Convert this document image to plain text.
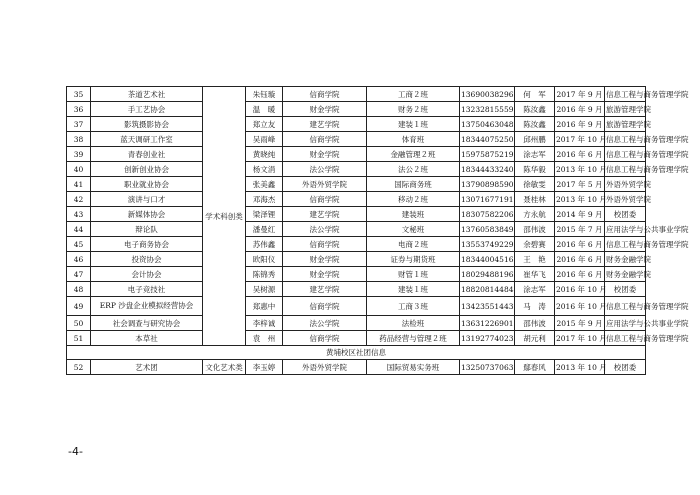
35	茶道艺术社	学术科创类	朱钰璇	信商学院	工商２班	13690038296	何　军	2017 年 9 月	信息工程与商务管理学院
36	手工艺协会		温　暖	财金学院	财务２班	13232815559	陈汝鑫	2016 年 9 月	旅游管理学院
37	影筑摄影协会		郑立友	建艺学院	建装１班	13750463048	陈汝鑫	2016 年 9 月	旅游管理学院
38	蓝天调研工作室		吴雨峰	信商学院	体育班	18344075250	邱州鹏	2017 年 10 月	信息工程与商务管理学院
39	青春创业社		黄晓纯	财金学院	金融管理２班	15975875219	涂志军	2016 年 6 月	信息工程与商务管理学院
40	创新创业协会		杨文涓	法公学院	法公２班	18344433240	陈华毅	2013 年 10 月	信息工程与商务管理学院
41	职业就业协会		张美鑫	外语外贸学院	国际商务班	13790898590	徐敏雯	2017 年 5 月	外语外贸学院
42	演讲与口才		邓海杰	信商学院	移动２班	13071677191	聂桂林	2013 年 10 月	外语外贸学院
43	新媒体协会		梁泽锂	建艺学院	建装班	18307582206	方永航	2014 年 9 月	校团委
44	辩论队		潘曼红	法公学院	文秘班	13760583849	邵伟波	2015 年 7 月	应用法学与公共事业学院
45	电子商务协会		苏伟鑫	信商学院	电商２班	13553749229	余碧赛	2016 年 6 月	信息工程与商务管理学院
46	投资协会		欧阳仪	财金学院	证券与期货班	18344004516	王　艳	2016 年 6 月	财务金融学院
47	会计协会		陈锦秀	财金学院	财管１班	18029488196	崔华飞	2016 年 6 月	财务金融学院
48	电子竞技社		吴树源	建艺学院	建装１班	18820814484	涂志军	2016 年 10 月	校团委
49	ERP 沙盘企业模拟经营协会		郑惠中	信商学院	工商３班	13423551443	马　涛	2016 年 10 月	信息工程与商务管理学院
50	社会调查与研究协会		李梓诚	法公学院	法检班	13631226901	邵伟波	2015 年 9 月	应用法学与公共事业学院
51	本草社		袁　州	信商学院	药品经营与管理２班	13192774023	胡元利	2017 年 10 月	信息工程与商务管理学院
黄埔校区社团信息									
52	艺术团	文化艺术类	李玉婷	外语外贸学院	国际贸易实务班	13250737063	鄢春风	2013 年 10 月	校团委
-4-
